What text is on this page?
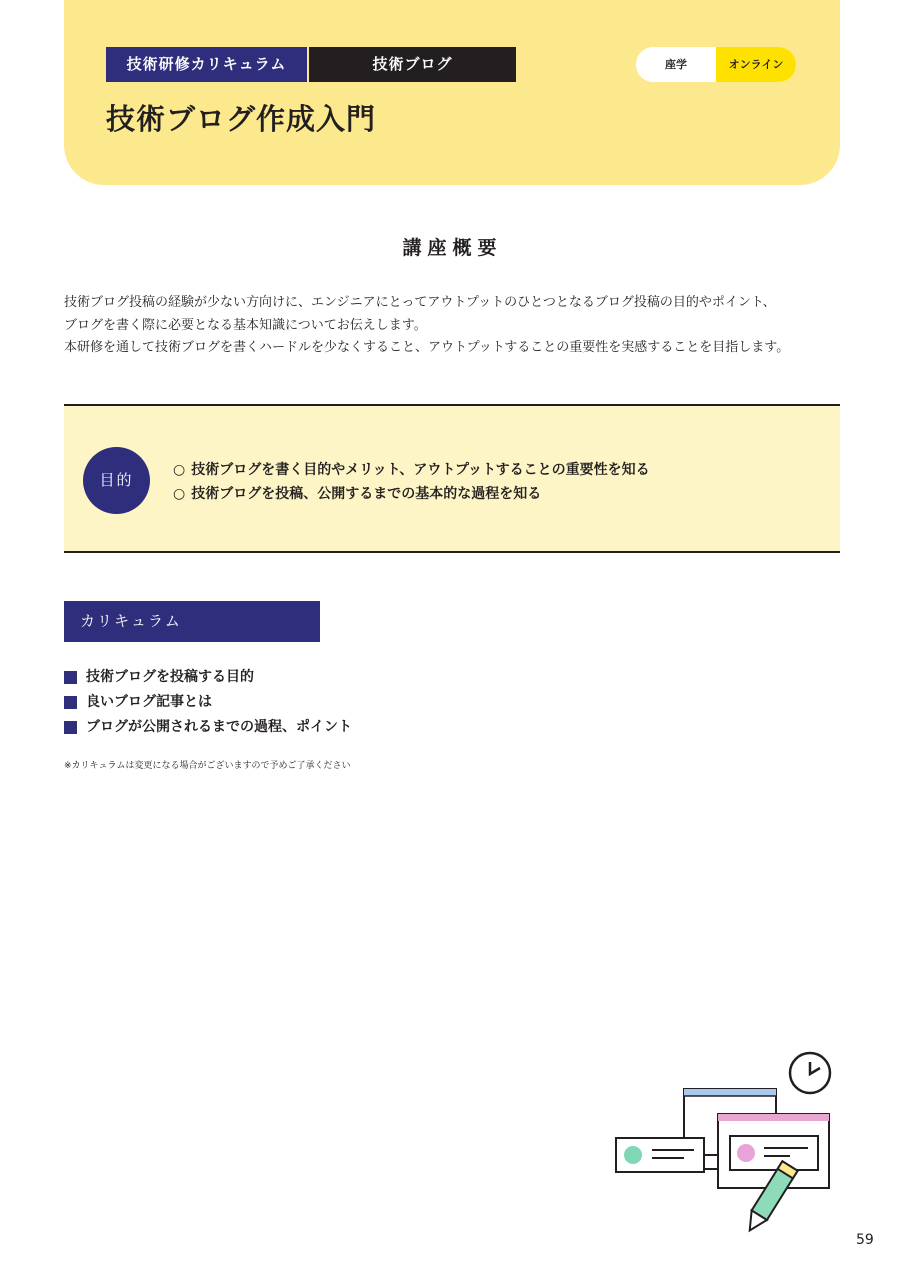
技術研修カリキュラム	技術ブログ	座学	オンライン
技術ブログ作成入門
講座概要

技術ブログ投稿の経験が少ない方向けに、エンジニアにとってアウトプットのひとつとなるブログ投稿の目的やポイント、

ブログを書く際に必要となる基本知識についてお伝えします。

本研修を通して技術ブログを書くハードルを少なくすること、アウトプットすることの重要性を実感することを目指します。

目的
○ 技術ブログを書く目的やメリット、アウトプットすることの重要性を知る
○ 技術ブログを投稿、公開するまでの基本的な過程を知る
カリキュラム
技術ブログを投稿する目的
良いブログ記事とは
ブログが公開されるまでの過程、ポイント
※カリキュラムは変更になる場合がございますので予めご了承ください
59
